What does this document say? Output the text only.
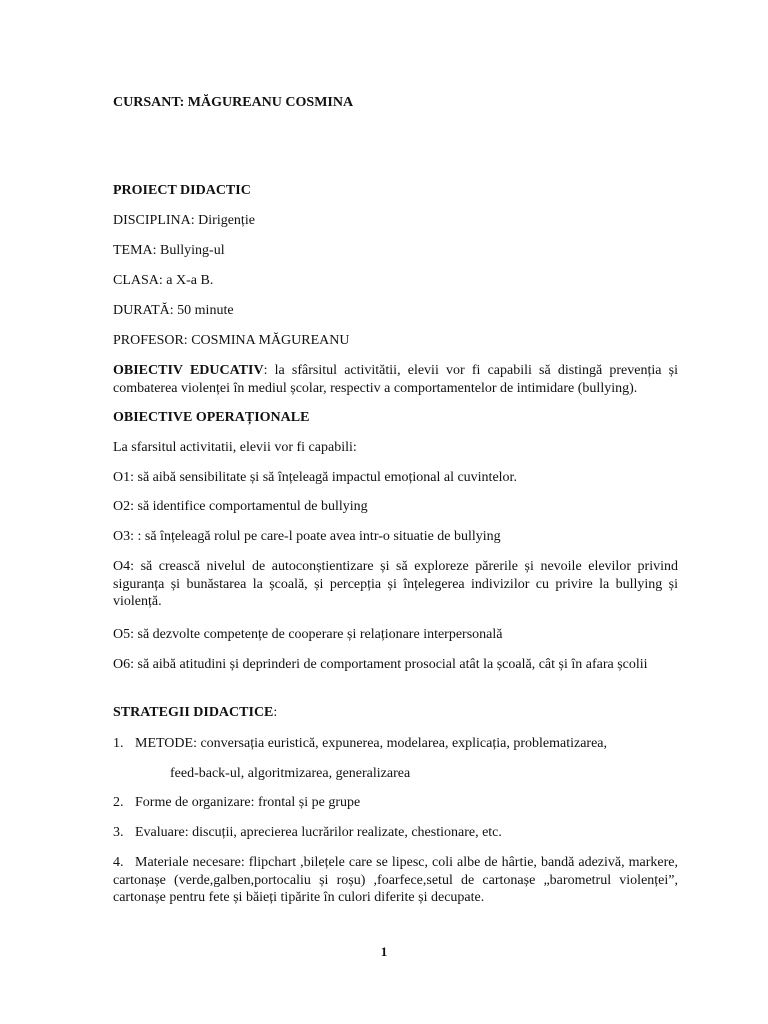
CURSANT: MĂGUREANU COSMINA
PROIECT DIDACTIC
DISCIPLINA: Dirigenție
TEMA: Bullying-ul
CLASA: a X-a B.
DURATĂ: 50 minute
PROFESOR: COSMINA MĂGUREANU
OBIECTIV EDUCATIV: la sfârsitul activitătii, elevii vor fi capabili să distingă prevenția și combaterea violenței în mediul școlar, respectiv a comportamentelor de intimidare (bullying).
OBIECTIVE OPERAȚIONALE
La sfarsitul activitatii, elevii vor fi capabili:
O1: să aibă sensibilitate și să înțeleagă impactul emoțional al cuvintelor.
O2: să identifice comportamentul de bullying
O3: : să înțeleagă rolul pe care-l poate avea intr-o situatie de bullying
O4: să crească nivelul de autoconștientizare și să exploreze părerile și nevoile elevilor privind siguranța și bunăstarea la școală, și percepția și înțelegerea indivizilor cu privire la bullying și violență.
O5: să dezvolte competențe de cooperare și relaționare interpersonală
O6: să aibă atitudini și deprinderi de comportament prosocial atât la școală, cât și în afara școlii
STRATEGII DIDACTICE:
1. METODE: conversația euristică, expunerea, modelarea, explicația, problematizarea,
feed-back-ul, algoritmizarea, generalizarea
2. Forme de organizare: frontal și pe grupe
3. Evaluare: discuții, aprecierea lucrărilor realizate, chestionare, etc.
4. Materiale necesare: flipchart ,bilețele care se lipesc, coli albe de hârtie, bandă adezivă, markere, cartonașe (verde,galben,portocaliu și roșu) ,foarfece,setul de cartonașe „barometrul violenței”, cartonașe pentru fete și băieți tipărite în culori diferite și decupate.
1
